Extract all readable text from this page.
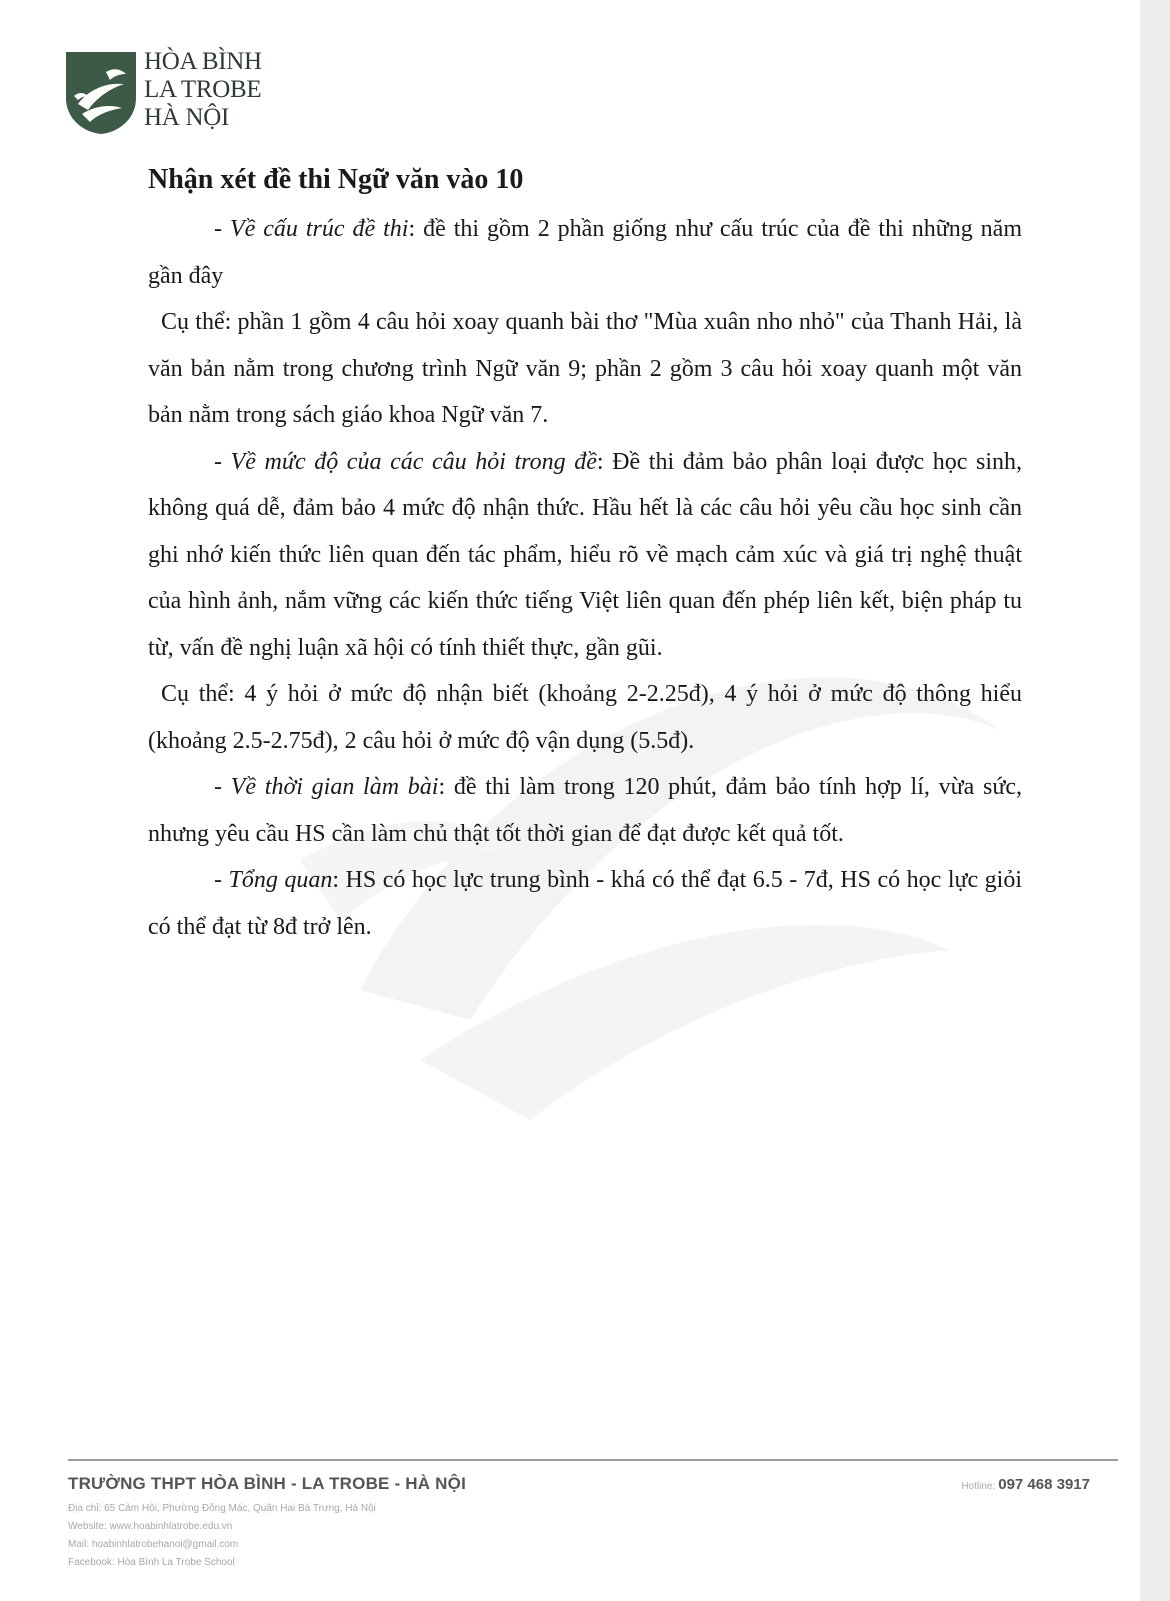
HÒA BÌNH
LA TROBE
HÀ NỘI
Nhận xét đề thi Ngữ văn vào 10

- Về cấu trúc đề thi: đề thi gồm 2 phần giống như cấu trúc của đề thi những năm gần đây

Cụ thể: phần 1 gồm 4 câu hỏi xoay quanh bài thơ "Mùa xuân nho nhỏ" của Thanh Hải, là văn bản nằm trong chương trình Ngữ văn 9; phần 2 gồm 3 câu hỏi xoay quanh một văn bản nằm trong sách giáo khoa Ngữ văn 7.

- Về mức độ của các câu hỏi trong đề: Đề thi đảm bảo phân loại được học sinh, không quá dễ, đảm bảo 4 mức độ nhận thức. Hầu hết là các câu hỏi yêu cầu học sinh cần ghi nhớ kiến thức liên quan đến tác phẩm, hiểu rõ về mạch cảm xúc và giá trị nghệ thuật của hình ảnh, nắm vững các kiến thức tiếng Việt liên quan đến phép liên kết, biện pháp tu từ, vấn đề nghị luận xã hội có tính thiết thực, gần gũi.

Cụ thể: 4 ý hỏi ở mức độ nhận biết (khoảng 2-2.25đ), 4 ý hỏi ở mức độ thông hiểu (khoảng 2.5-2.75đ), 2 câu hỏi ở mức độ vận dụng (5.5đ).

- Về thời gian làm bài: đề thi làm trong 120 phút, đảm bảo tính hợp lí, vừa sức, nhưng yêu cầu HS cần làm chủ thật tốt thời gian để đạt được kết quả tốt.

- Tổng quan: HS có học lực trung bình - khá có thể đạt 6.5 - 7đ, HS có học lực giỏi có thể đạt từ 8đ trở lên.

TRƯỜNG THPT HÒA BÌNH - LA TROBE - HÀ NỘI
Địa chỉ: 65 Cảm Hội, Phường Đống Mác, Quận Hai Bà Trưng, Hà Nội
Website: www.hoabinhlatrobe.edu.vn
Mail: hoabinhlatrobehanoi@gmail.com
Facebook: Hòa Bình La Trobe School
Hotline: 097 468 3917
